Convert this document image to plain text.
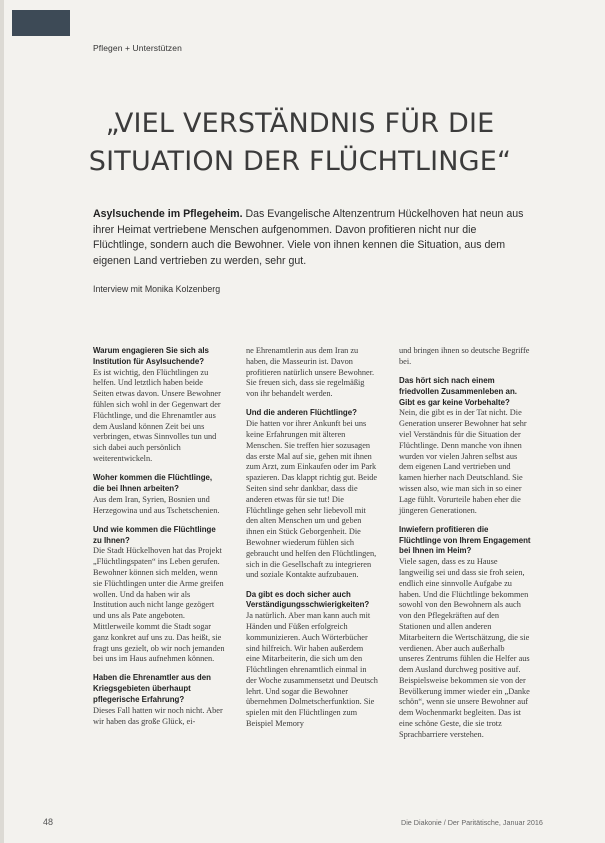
Pflegen + Unterstützen
„VIEL VERSTÄNDNIS FÜR DIE
SITUATION DER FLÜCHTLINGE“

Asylsuchende im Pflegeheim. Das Evangelische Altenzentrum Hückelhoven hat neun aus ihrer Heimat vertriebene Menschen aufgenommen. Davon profitieren nicht nur die Flüchtlinge, sondern auch die Bewohner. Viele von ihnen kennen die Situation, aus dem eigenen Land vertrieben zu werden, sehr gut.

Interview mit Monika Kolzenberg

Warum engagieren Sie sich als Institution für Asylsuchende?
Es ist wichtig, den Flüchtlingen zu helfen. Und letztlich haben beide Seiten etwas davon. Unsere Bewohner fühlen sich wohl in der Gegenwart der Flüchtlinge, und die Ehrenamtler aus dem Ausland können Zeit bei uns verbringen, etwas Sinnvolles tun und sich dabei auch persönlich weiterentwickeln.

Woher kommen die Flüchtlinge, die bei Ihnen arbeiten?
Aus dem Iran, Syrien, Bosnien und Herzegowina und aus Tschetschenien.

Und wie kommen die Flüchtlinge zu Ihnen?
Die Stadt Hückelhoven hat das Projekt „Flüchtlingspaten“ ins Leben gerufen. Bewohner können sich melden, wenn sie Flüchtlingen unter die Arme greifen wollen. Und da haben wir als Institution auch nicht lange gezögert und uns als Pate angeboten. Mittlerweile kommt die Stadt sogar ganz konkret auf uns zu. Das heißt, sie fragt uns gezielt, ob wir noch jemanden bei uns im Haus aufnehmen können.

Haben die Ehrenamtler aus den Kriegsgebieten überhaupt pflegerische Erfahrung?
Dieses Fall hatten wir noch nicht. Aber wir haben das große Glück, ei-

ne Ehrenamtlerin aus dem Iran zu haben, die Masseurin ist. Davon profitieren natürlich unsere Bewohner. Sie freuen sich, dass sie regelmäßig von ihr behandelt werden.

Und die anderen Flüchtlinge?
Die hatten vor ihrer Ankunft bei uns keine Erfahrungen mit älteren Menschen. Sie treffen hier sozusagen das erste Mal auf sie, gehen mit ihnen zum Arzt, zum Einkaufen oder im Park spazieren. Das klappt richtig gut. Beide Seiten sind sehr dankbar, dass die anderen etwas für sie tut! Die Flüchtlinge gehen sehr liebevoll mit den alten Menschen um und geben ihnen ein Stück Geborgenheit. Die Bewohner wiederum fühlen sich gebraucht und helfen den Flüchtlingen, sich in die Gesellschaft zu integrieren und soziale Kontakte aufzubauen.

Da gibt es doch sicher auch Verständigungsschwierigkeiten?
Ja natürlich. Aber man kann auch mit Händen und Füßen erfolgreich kommunizieren. Auch Wörterbücher sind hilfreich. Wir haben außerdem eine Mitarbeiterin, die sich um den Flüchtlingen ehrenamtlich einmal in der Woche zusammensetzt und Deutsch lehrt. Und sogar die Bewohner übernehmen Dolmetscherfunktion. Sie spielen mit den Flüchtlingen zum Beispiel Memory

und bringen ihnen so deutsche Begriffe bei.

Das hört sich nach einem friedvollen Zusammenleben an. Gibt es gar keine Vorbehalte?
Nein, die gibt es in der Tat nicht. Die Generation unserer Bewohner hat sehr viel Verständnis für die Situation der Flüchtlinge. Denn manche von ihnen wurden vor vielen Jahren selbst aus dem eigenen Land vertrieben und kamen hierher nach Deutschland. Sie wissen also, wie man sich in so einer Lage fühlt. Vorurteile haben eher die jüngeren Generationen.

Inwiefern profitieren die Flüchtlinge von Ihrem Engagement bei Ihnen im Heim?
Viele sagen, dass es zu Hause langweilig sei und dass sie froh seien, endlich eine sinnvolle Aufgabe zu haben. Und die Flüchtlinge bekommen sowohl von den Bewohnern als auch von den Pflegekräften auf den Stationen und allen anderen Mitarbeitern die Wertschätzung, die sie verdienen. Aber auch außerhalb unseres Zentrums fühlen die Helfer aus dem Ausland durchweg positive auf. Beispielsweise bekommen sie von der Bevölkerung immer wieder ein „Danke schön“, wenn sie unsere Bewohner auf dem Wochenmarkt begleiten. Das ist eine schöne Geste, die sie trotz Sprachbarriere verstehen.

48	Die Diakonie / Der Paritätische, Januar 2016
